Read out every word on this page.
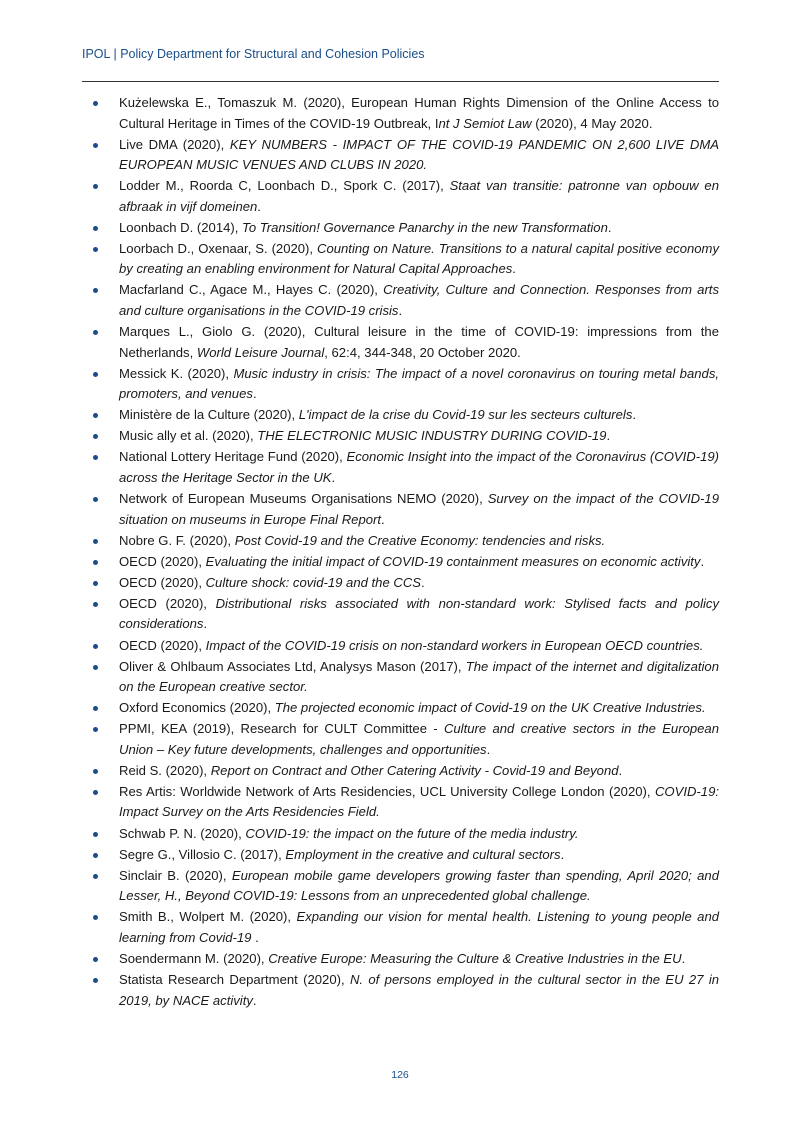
IPOL | Policy Department for Structural and Cohesion Policies
Kużelewska E., Tomaszuk M. (2020), European Human Rights Dimension of the Online Access to Cultural Heritage in Times of the COVID-19 Outbreak, Int J Semiot Law (2020), 4 May 2020.
Live DMA (2020), KEY NUMBERS - IMPACT OF THE COVID-19 PANDEMIC ON 2,600 LIVE DMA EUROPEAN MUSIC VENUES AND CLUBS IN 2020.
Lodder M., Roorda C, Loonbach D., Spork C. (2017), Staat van transitie: patronne van opbouw en afbraak in vijf domeinen.
Loonbach D. (2014), To Transition! Governance Panarchy in the new Transformation.
Loorbach D., Oxenaar, S. (2020), Counting on Nature. Transitions to a natural capital positive economy by creating an enabling environment for Natural Capital Approaches.
Macfarland C., Agace M., Hayes C. (2020), Creativity, Culture and Connection. Responses from arts and culture organisations in the COVID-19 crisis.
Marques L., Giolo G. (2020), Cultural leisure in the time of COVID-19: impressions from the Netherlands, World Leisure Journal, 62:4, 344-348, 20 October 2020.
Messick K. (2020), Music industry in crisis: The impact of a novel coronavirus on touring metal bands, promoters, and venues.
Ministère de la Culture (2020), L'impact de la crise du Covid-19 sur les secteurs culturels.
Music ally et al. (2020), THE ELECTRONIC MUSIC INDUSTRY DURING COVID-19.
National Lottery Heritage Fund (2020), Economic Insight into the impact of the Coronavirus (COVID-19) across the Heritage Sector in the UK.
Network of European Museums Organisations NEMO (2020), Survey on the impact of the COVID-19 situation on museums in Europe Final Report.
Nobre G. F. (2020), Post Covid-19 and the Creative Economy: tendencies and risks.
OECD (2020), Evaluating the initial impact of COVID-19 containment measures on economic activity.
OECD (2020), Culture shock: covid-19 and the CCS.
OECD (2020), Distributional risks associated with non-standard work: Stylised facts and policy considerations.
OECD (2020), Impact of the COVID-19 crisis on non-standard workers in European OECD countries.
Oliver & Ohlbaum Associates Ltd, Analysys Mason (2017), The impact of the internet and digitalization on the European creative sector.
Oxford Economics (2020), The projected economic impact of Covid-19 on the UK Creative Industries.
PPMI, KEA (2019), Research for CULT Committee - Culture and creative sectors in the European Union – Key future developments, challenges and opportunities.
Reid S. (2020), Report on Contract and Other Catering Activity - Covid-19 and Beyond.
Res Artis: Worldwide Network of Arts Residencies, UCL University College London (2020), COVID-19: Impact Survey on the Arts Residencies Field.
Schwab P. N. (2020), COVID-19: the impact on the future of the media industry.
Segre G., Villosio C. (2017), Employment in the creative and cultural sectors.
Sinclair B. (2020), European mobile game developers growing faster than spending, April 2020; and Lesser, H., Beyond COVID-19: Lessons from an unprecedented global challenge.
Smith B., Wolpert M. (2020), Expanding our vision for mental health. Listening to young people and learning from Covid-19 .
Soendermann M. (2020), Creative Europe: Measuring the Culture & Creative Industries in the EU.
Statista Research Department (2020), N. of persons employed in the cultural sector in the EU 27 in 2019, by NACE activity.
126
